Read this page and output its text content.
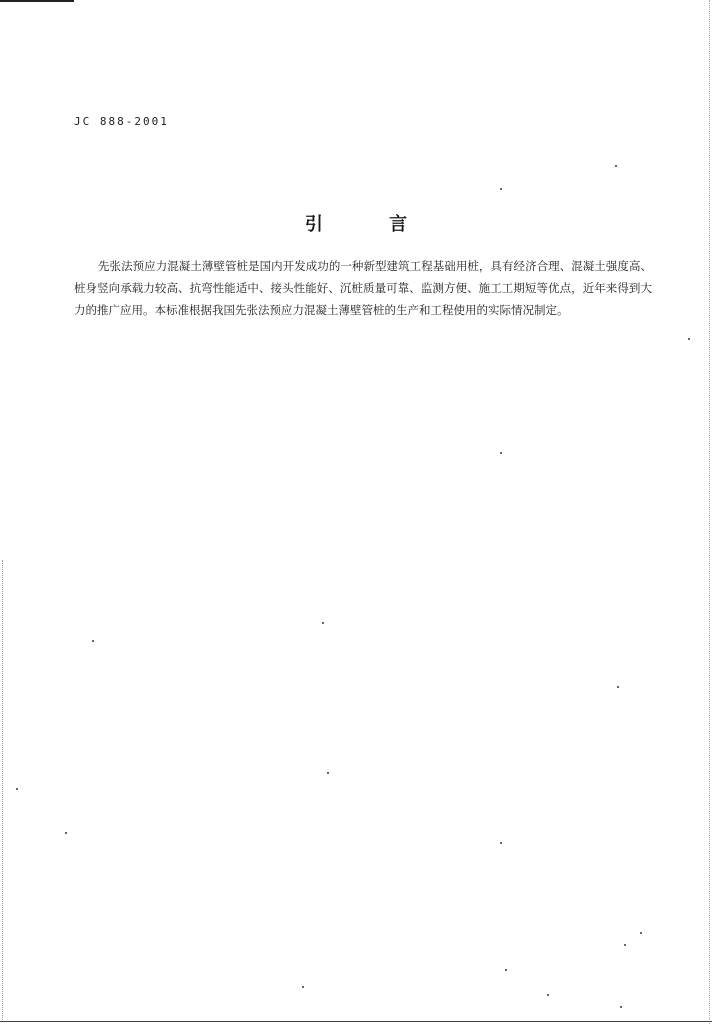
JC 888-2001
引 言

先张法预应力混凝土薄壁管桩是国内开发成功的一种新型建筑工程基础用桩，具有经济合理、混凝土强度高、桩身竖向承载力较高、抗弯性能适中、接头性能好、沉桩质量可靠、监测方便、施工工期短等优点，近年来得到大力的推广应用。本标准根据我国先张法预应力混凝土薄壁管桩的生产和工程使用的实际情况制定。
